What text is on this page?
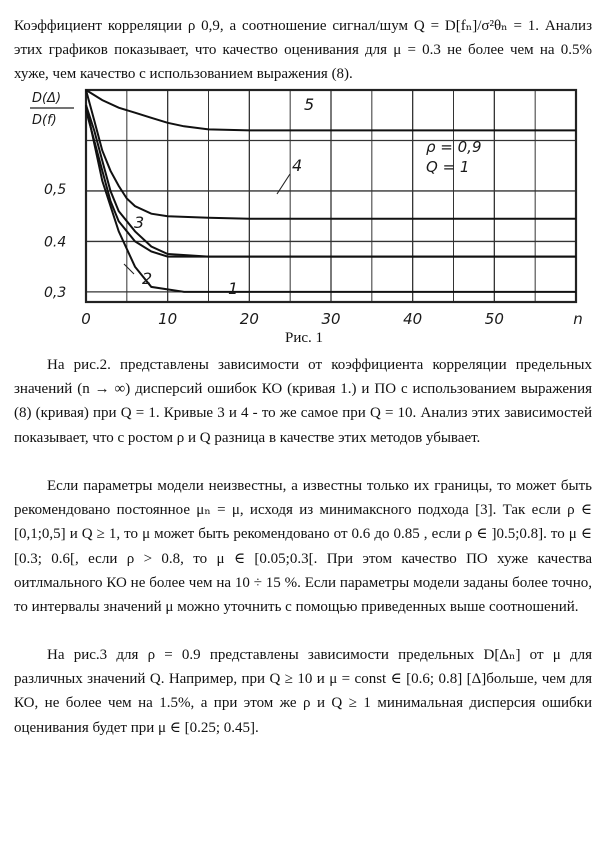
Коэффициент корреляции ρ 0,9, а соотношение сигнал/шум Q = D[fₙ]/σ²θₙ = 1. Анализ этих графиков показывает, что качество оценивания для μ = 0.3 не более чем на 0.5% хуже, чем качество с использованием выражения (8).

0	10	20	30	40	50	n
0,5
0.4
0,3
D(Δ)
D(f)
1
2
3
4
5
ρ = 0,9
Q = 1
Рис. 1

На рис.2. представлены зависимости от коэффициента корреляции предельных значений (n → ∞) дисперсий ошибок КО (кривая 1.) и ПО с использованием выражения (8) (кривая) при Q = 1. Кривые 3 и 4 - то же самое при Q = 10. Анализ этих зависимостей показывает, что с ростом ρ и Q разница в качестве этих методов убывает.

Если параметры модели неизвестны, а известны только их границы, то может быть рекомендовано постоянное μₙ = μ, исходя из минимаксного подхода [3]. Так если ρ ∈ [0,1;0,5] и Q ≥ 1, то μ может быть рекомендовано от 0.6 до 0.85 , если ρ ∈ ]0.5;0.8]. то μ ∈ [0.3; 0.6[, если ρ > 0.8, то μ ∈ [0.05;0.3[. При этом качество ПО хуже качества оитлмального КО не более чем на 10 ÷ 15 %. Если параметры модели заданы более точно, то интервалы значений μ можно уточнить с помощью приведенных выше соотношений.

На рис.3 для ρ = 0.9 представлены зависимости предельных D[Δₙ] от μ для различных значений Q. Например, при Q ≥ 10 и μ = const ∈ [0.6; 0.8] [Δ]больше, чем для КО, не более чем на 1.5%, а при этом же ρ и Q ≥ 1 минимальная дисперсия ошибки оценивания будет при μ ∈ [0.25; 0.45].
